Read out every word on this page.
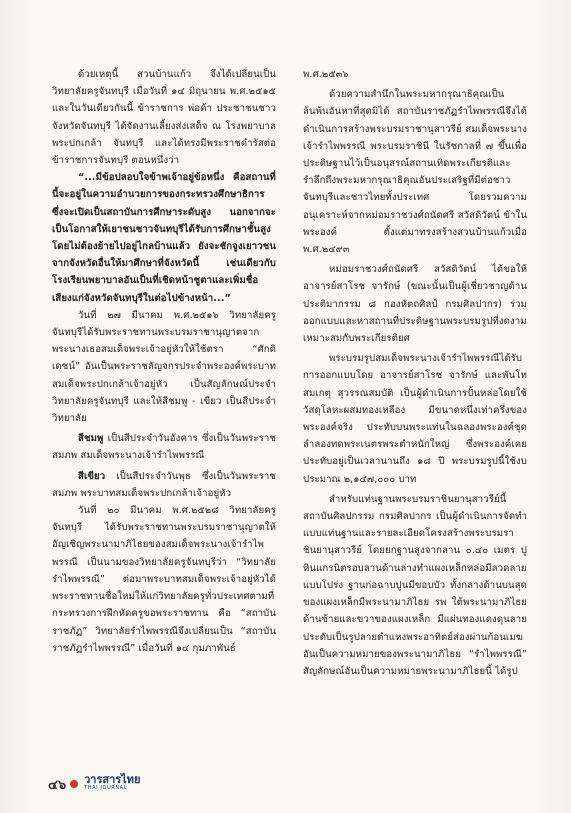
ด้วยเหตุนี้ สวนบ้านแก้ว จึงได้เปลี่ยนเป็นวิทยาลัยครูจันทบุรี เมื่อวันที่ ๑๔ มิถุนายน พ.ศ.๒๕๑๕ และในวันเดียวกันนี้ ข้าราชการ พ่อค้า ประชาชนชาวจังหวัดจันทบุรี ได้จัดงานเลี้ยงส่งเสด็จ ณ โรงพยาบาลพระปกเกล้า จันทบุรี และได้ทรงมีพระราชดำรัสต่อข้าราชการจันทบุรี ตอนหนึ่งว่า

“...มีข้อปลอบใจข้าพเจ้าอยู่ข้อหนึ่ง คือสถานที่นี้จะอยู่ในความอำนวยการของกระทรวงศึกษาธิการ ซึ่งจะเปิดเป็นสถาบันการศึกษาระดับสูง นอกจากจะเป็นโอกาสให้เยาชนชาวจันทบุรีได้รับการศึกษาชั้นสูง โดยไม่ต้องย้ายไปอยู่ไกลบ้านแล้ว ยังจะชักจูงเยาวชนจากจังหวัดอื่นให้มาศึกษาที่จังหวัดนี้ เช่นเดียวกับโรงเรียนพยาบาลอันเป็นที่เชิดหน้าชูตาและเพิ่มชื่อเสียงแก่จังหวัดจันทบุรีในต่อไปข้างหน้า...”

วันที่ ๒๗ มีนาคม พ.ศ.๒๕๑๖ วิทยาลัยครูจันทบุรีได้รับพระราชทานพระบรมราชานุญาตจากพระนางเธอสมเด็จพระเจ้าอยู่หัวให้ใช้ตรา “ศักดิเดชน์” อันเป็นพระราชลัญจกรประจำพระองค์พระบาทสมเด็จพระปกเกล้าเจ้าอยู่หัว เป็นสัญลักษณ์ประจำวิทยาลัยครูจันทบุรี และให้สีชมพู - เขียว เป็นสีประจำวิทยาลัย

สีชมพู เป็นสีประจำวันอังคาร ซึ่งเป็นวันพระราชสมภพ สมเด็จพระนางเจ้ารำไพพรรณี

สีเขียว เป็นสีประจำวันพุธ ซึ่งเป็นวันพระราชสมภพ พระบาทสมเด็จพระปกเกล้าเจ้าอยู่หัว

วันที่ ๒๐ มีนาคม พ.ศ.๒๕๒๘ วิทยาลัยครูจันทบุรี ได้รับพระราชทานพระบรมราชานุญาตให้อัญเชิญพระนามาภิไธยของสมเด็จพระนางเจ้ารำไพพรรณี เป็นนามของวิทยาลัยครูจันทบุรีว่า “วิทยาลัยรำไพพรรณี” ต่อมาพระบาทสมเด็จพระเจ้าอยู่หัวได้พระราชทานชื่อใหม่ให้แก่วิทยาลัยครูทั่วประเทศตามที่กระทรวงการฝึกหัดครูขอพระราชทาน คือ “สถาบันราชภัฏ” วิทยาลัยรำไพพรรณีจึงเปลี่ยนเป็น “สถาบันราชภัฏรำไพพรรณี” เมื่อวันที่ ๑๔ กุมภาพันธ์

พ.ศ.๒๕๓๖

ด้วยความสำนึกในพระมหากรุณาธิคุณเป็นล้นพ้นอันหาที่สุดมิได้ สถาบันราชภัฏรำไพพรรณีจึงได้ดำเนินการสร้างพระบรมราชานุสาวรีย์ สมเด็จพระนางเจ้ารำไพพรรณี พระบรมราชินี ในรัชกาลที่ ๗ ขึ้นเพื่อประดิษฐานไว้เป็นอนุสรณ์สถานเทิดพระเกียรติและรำลึกถึงพระมหากรุณาธิคุณอันประเสริฐที่มีต่อชาวจันทบุรีและชาวไทยทั้งประเทศ โดยรวมความอนุเคราะห์จากหม่อมราชวงศ์ถนัดศรี สวัสดิวัตน์ ข้าในพระองค์ ตั้งแต่มาทรงสร้างสวนบ้านแก้วเมื่อ พ.ศ.๒๔๙๓

หม่อมราชวงศ์ถนัดศรี สวัสดิวัตน์ ได้ขอให้อาจารย์สาโรช จารักษ์ (ขณะนั้นเป็นผู้เชี่ยวชาญด้านประติมากรรม ๘ กองหัตถศิลป์ กรมศิลปากร) ร่วมออกแบบและหาสถานที่ประดิษฐานพระบรมรูปที่งดงามเหมาะสมกับพระเกียรติยศ

พระบรมรูปสมเด็จพระนางเจ้ารำไพพรรณีได้รับการออกแบบโดย อาจารย์สาโรช จารักษ์ และพันโทสมเกตุ สุวรรณสมบัติ เป็นผู้ดำเนินการปั้นหล่อโดยใช้วัสดุโลหะผสมทองเหลือง มีขนาดหนึ่งเท่าครึ่งของพระองค์จริง ประทับบนพระแท่นในฉลองพระองค์ชุดลำลองทดพระเนตรพระตำหนักใหญ่ ซึ่งพระองค์เคยประทับอยู่เป็นเวลานานถึง ๑๘ ปี พระบรมรูปนี้ใช้งบประมาณ ๒,๑๔๗,๐๐๐ บาท

สำหรับแท่นฐานพระบรมราชินยานุสาวรีย์นี้สถาบันศิลปกรรม กรมศิลปากร เป็นผู้ดำเนินการจัดทำแบบแท่นฐานและรายละเอียดโครงสร้างพระบรมราชินยานุสาวรีย์ โดยยกฐานสูงจากลาน ๐.๔๐ เมตร ปูหินแกรนิตรอบลานด้านล่างทำแผงเหล็กหล่อมีลวดลายแบบโปร่ง ฐานก่อฉาบปูนมีขอบบัว ทั้งกลางด้านบนสุดของแผงเหล็กมีพระนามาภิไธย รพ ใต้พระนามาภิไธยด้านซ้ายและขวาของแผงเหล็ก มีแผ่นทองแดงดุนลายประดับเป็นรูปลายตำแหงพระอาทิตย์ส่องผ่านก้อนเมฆอันเป็นความหมายของพระนามาภิไธย “รำไพพรรณี” สัญลักษณ์อันเป็นความหมายพระนามาภิไธยนี้ ได้รูป

๔๖ วารสารไทย
THAI JOURNAL
